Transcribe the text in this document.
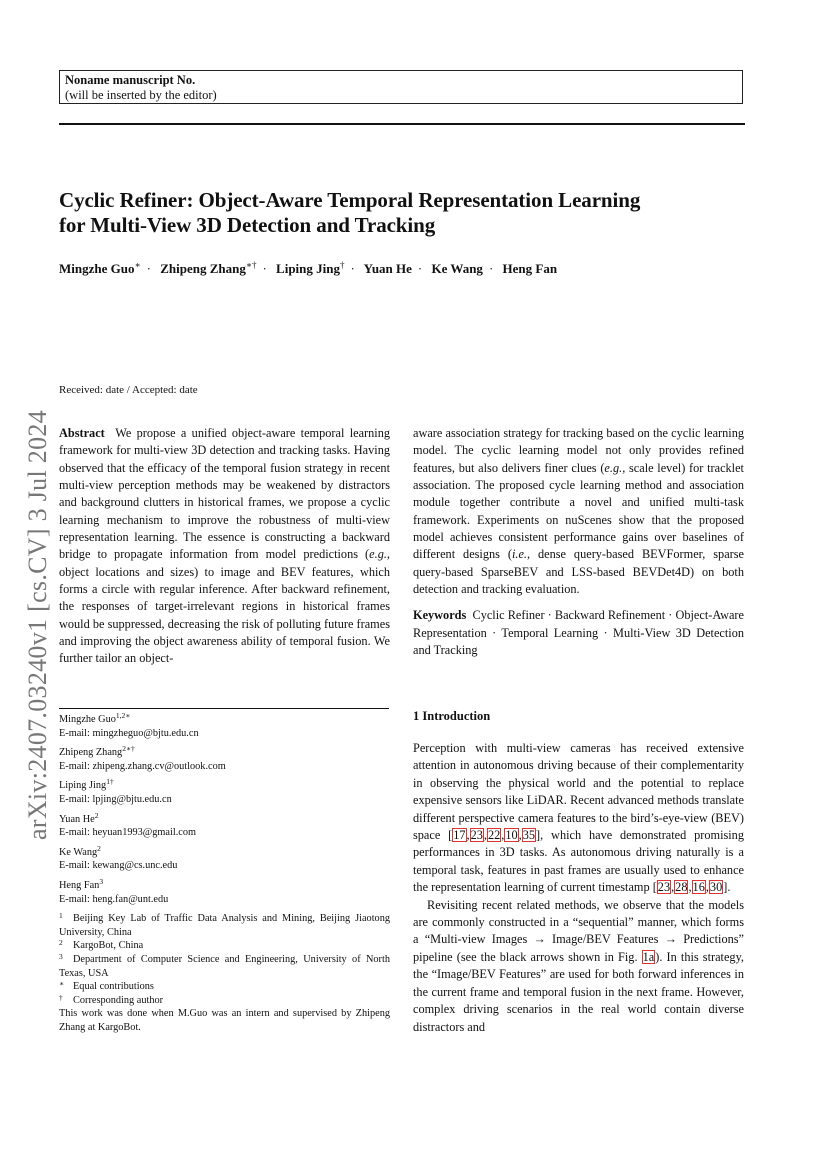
Noname manuscript No.
(will be inserted by the editor)
Cyclic Refiner: Object-Aware Temporal Representation Learning
for Multi-View 3D Detection and Tracking
Mingzhe Guo∗ · Zhipeng Zhang∗† · Liping Jing† · Yuan He · Ke Wang · Heng Fan
arXiv:2407.03240v1 [cs.CV] 3 Jul 2024
Received: date / Accepted: date

Abstract We propose a unified object-aware temporal learning framework for multi-view 3D detection and tracking tasks. Having observed that the efficacy of the temporal fusion strategy in recent multi-view perception methods may be weakened by distractors and background clutters in historical frames, we propose a cyclic learning mechanism to improve the robustness of multi-view representation learning. The essence is constructing a backward bridge to propagate information from model predictions (e.g., object locations and sizes) to image and BEV features, which forms a circle with regular inference. After backward refinement, the responses of target-irrelevant regions in historical frames would be suppressed, decreasing the risk of polluting future frames and improving the object awareness ability of temporal fusion. We further tailor an object-

aware association strategy for tracking based on the cyclic learning model. The cyclic learning model not only provides refined features, but also delivers finer clues (e.g., scale level) for tracklet association. The proposed cycle learning method and association module together contribute a novel and unified multi-task framework. Experiments on nuScenes show that the proposed model achieves consistent performance gains over baselines of different designs (i.e., dense query-based BEVFormer, sparse query-based SparseBEV and LSS-based BEVDet4D) on both detection and tracking evaluation.

Keywords Cyclic Refiner · Backward Refinement · Object-Aware Representation · Temporal Learning · Multi-View 3D Detection and Tracking

Mingzhe Guo$^{1,2∗}$
E-mail: mingzheguo@bjtu.edu.cn
Zhipeng Zhang$^{2∗\dagger}$
E-mail: zhipeng.zhang.cv@outlook.com
Liping Jing$^{1\dagger}$
E-mail: lpjing@bjtu.edu.cn
Yuan He$^2$
E-mail: heyuan1993@gmail.com
Ke Wang$^2$
E-mail: kewang@cs.unc.edu
Heng Fan$^3$
E-mail: heng.fan@unt.edu
1 Beijing Key Lab of Traffic Data Analysis and Mining, Beijing Jiaotong University, China
2 KargoBot, China
3 Department of Computer Science and Engineering, University of North Texas, USA
∗ Equal contributions
† Corresponding author
This work was done when M.Guo was an intern and supervised by Zhipeng Zhang at KargoBot.
1 Introduction

Perception with multi-view cameras has received extensive attention in autonomous driving because of their complementarity in observing the physical world and the potential to replace expensive sensors like LiDAR. Recent advanced methods translate different perspective camera features to the bird’s-eye-view (BEV) space [17,23,22,10,35], which have demonstrated promising performances in 3D tasks. As autonomous driving naturally is a temporal task, features in past frames are usually used to enhance the representation learning of current timestamp [23,28,16,30].

Revisiting recent related methods, we observe that the models are commonly constructed in a “sequential” manner, which forms a “Multi-view Images → Image/BEV Features → Predictions” pipeline (see the black arrows shown in Fig. 1a). In this strategy, the “Image/BEV Features” are used for both forward inferences in the current frame and temporal fusion in the next frame. However, complex driving scenarios in the real world contain diverse distractors and
